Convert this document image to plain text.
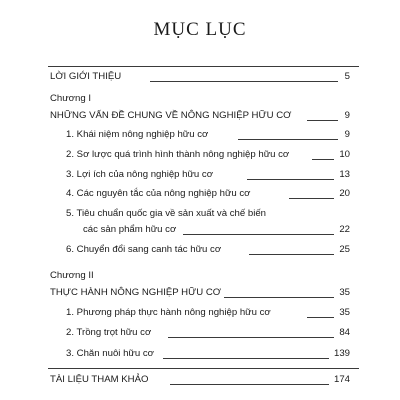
MỤC LỤC
LỜI GIỚI THIỆU	5
Chương I
NHỮNG VẤN ĐỀ CHUNG VỀ NÔNG NGHIỆP HỮU CƠ	9
1. Khái niệm nông nghiệp hữu cơ	9
2. Sơ lược quá trình hình thành nông nghiệp hữu cơ	10
3. Lợi ích của nông nghiệp hữu cơ	13
4. Các nguyên tắc của nông nghiệp hữu cơ	20
5. Tiêu chuẩn quốc gia về sản xuất và chế biến
các sản phẩm hữu cơ	22
6. Chuyển đổi sang canh tác hữu cơ	25
Chương II
THỰC HÀNH NÔNG NGHIỆP HỮU CƠ	35
1. Phương pháp thực hành nông nghiệp hữu cơ	35
2. Trồng trọt hữu cơ	84
3. Chăn nuôi hữu cơ	139
TÀI LIỆU THAM KHẢO	174
